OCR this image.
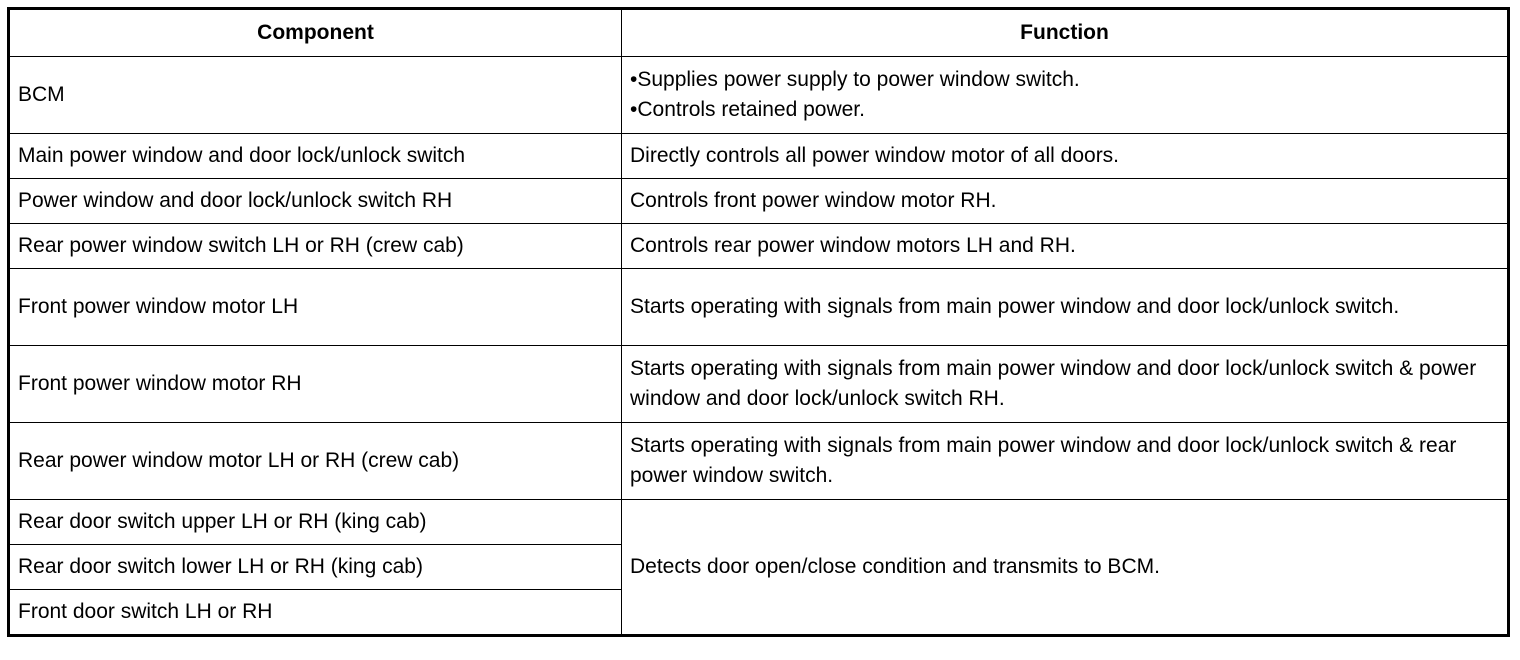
Component	Function
BCM	•Supplies power supply to power window switch.
•Controls retained power.

Main power window and door lock/unlock switch	Directly controls all power window motor of all doors.
Power window and door lock/unlock switch RH	Controls front power window motor RH.
Rear power window switch LH or RH (crew cab)	Controls rear power window motors LH and RH.
Front power window motor LH	Starts operating with signals from main power window and door lock/unlock switch.
Front power window motor RH	Starts operating with signals from main power window and door lock/unlock switch & power window and door lock/unlock switch RH.
Rear power window motor LH or RH (crew cab)	Starts operating with signals from main power window and door lock/unlock switch & rear power window switch.
Rear door switch upper LH or RH (king cab)	Detects door open/close condition and transmits to BCM.
Rear door switch lower LH or RH (king cab)	
Front door switch LH or RH	
